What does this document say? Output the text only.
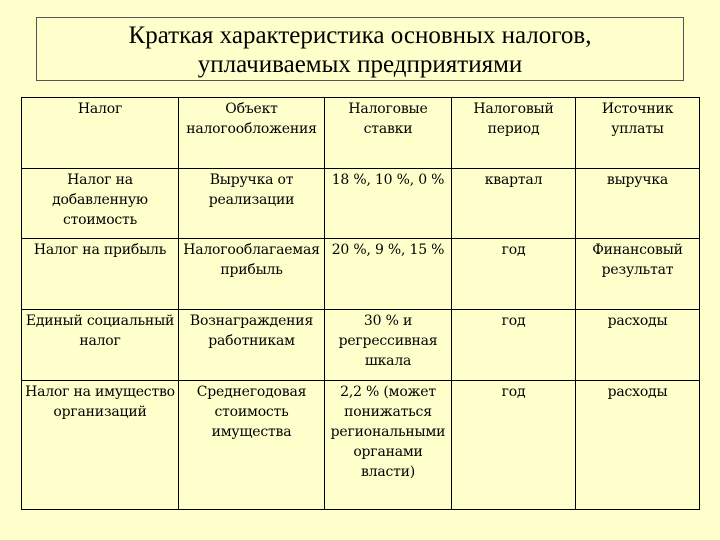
Краткая характеристика основных налогов,
уплачиваемых предприятиями
Налог	Объект налогообложения	Налоговые ставки	Налоговый период	Источник уплаты
Налог на добавленную стоимость	Выручка от реализации	18 %, 10 %, 0 %	квартал	выручка
Налог на прибыль	Налогооблагаемая прибыль	20 %, 9 %, 15 %	год	Финансовый результат
Единый социальный налог	Вознаграждения работникам	30 % и регрессивная шкала	год	расходы
Налог на имущество организаций	Среднегодовая стоимость имущества	2,2 % (может понижаться региональными органами власти)	год	расходы
